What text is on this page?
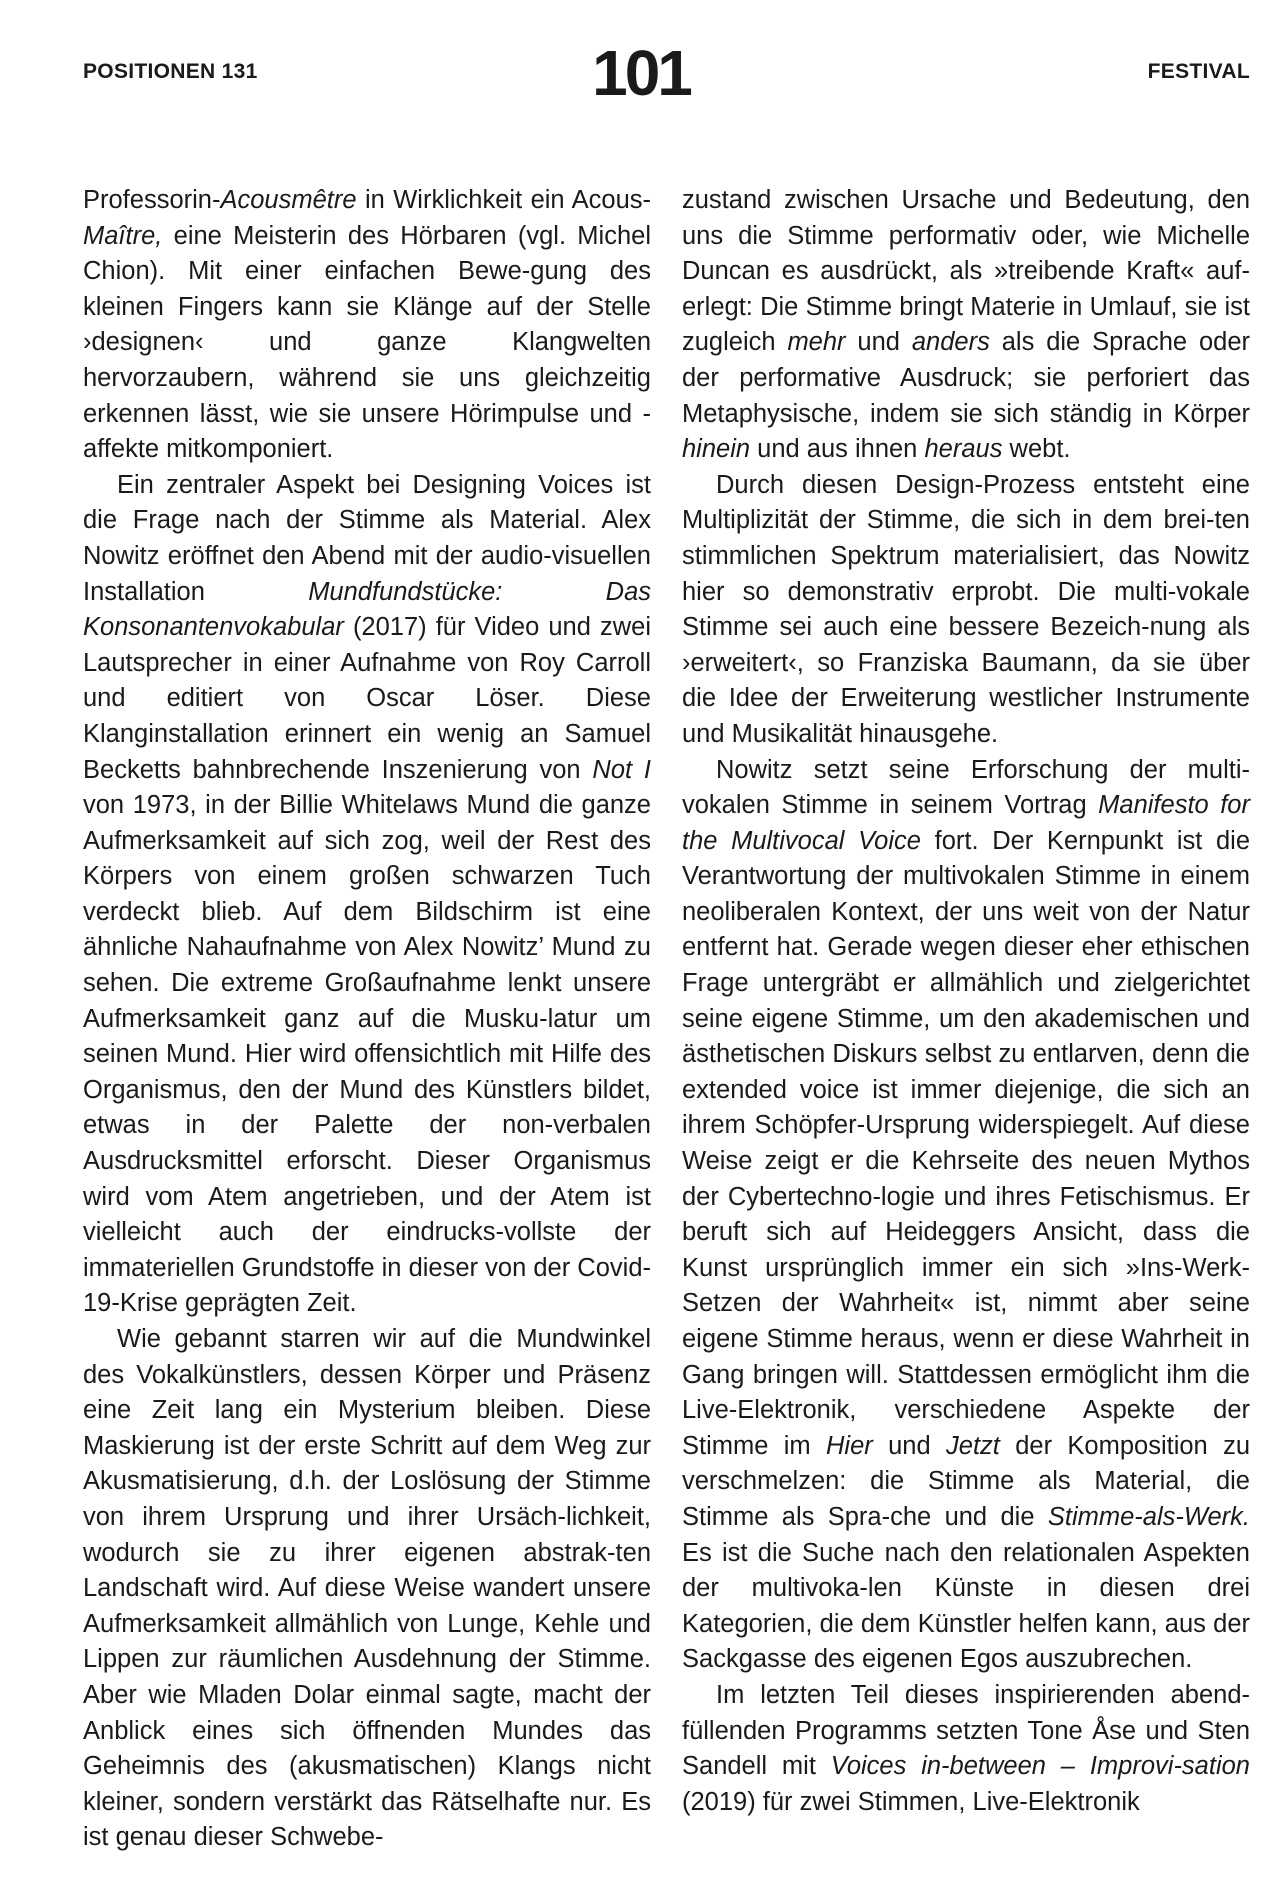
POSITIONEN 131	101	FESTIVAL

Professorin-Acousmêtre in Wirklichkeit ein Acous-Maître, eine Meisterin des Hörbaren (vgl. Michel Chion). Mit einer einfachen Bewe-gung des kleinen Fingers kann sie Klänge auf der Stelle ›designen‹ und ganze Klangwelten hervorzaubern, während sie uns gleichzeitig erkennen lässt, wie sie unsere Hörimpulse und -affekte mitkomponiert.

Ein zentraler Aspekt bei Designing Voices ist die Frage nach der Stimme als Material. Alex Nowitz eröffnet den Abend mit der audio-visuellen Installation Mundfundstücke: Das Konsonantenvokabular (2017) für Video und zwei Lautsprecher in einer Aufnahme von Roy Carroll und editiert von Oscar Löser. Diese Klanginstallation erinnert ein wenig an Samuel Becketts bahnbrechende Inszenierung von Not I von 1973, in der Billie Whitelaws Mund die ganze Aufmerksamkeit auf sich zog, weil der Rest des Körpers von einem großen schwarzen Tuch verdeckt blieb. Auf dem Bildschirm ist eine ähnliche Nahaufnahme von Alex Nowitz’ Mund zu sehen. Die extreme Großaufnahme lenkt unsere Aufmerksamkeit ganz auf die Musku-latur um seinen Mund. Hier wird offensichtlich mit Hilfe des Organismus, den der Mund des Künstlers bildet, etwas in der Palette der non-verbalen Ausdrucksmittel erforscht. Dieser Organismus wird vom Atem angetrieben, und der Atem ist vielleicht auch der eindrucks-vollste der immateriellen Grundstoffe in dieser von der Covid-19-Krise geprägten Zeit.

Wie gebannt starren wir auf die Mundwinkel des Vokalkünstlers, dessen Körper und Präsenz eine Zeit lang ein Mysterium bleiben. Diese Maskierung ist der erste Schritt auf dem Weg zur Akusmatisierung, d.h. der Loslösung der Stimme von ihrem Ursprung und ihrer Ursäch-lichkeit, wodurch sie zu ihrer eigenen abstrak-ten Landschaft wird. Auf diese Weise wandert unsere Aufmerksamkeit allmählich von Lunge, Kehle und Lippen zur räumlichen Ausdehnung der Stimme. Aber wie Mladen Dolar einmal sagte, macht der Anblick eines sich öffnenden Mundes das Geheimnis des (akusmatischen) Klangs nicht kleiner, sondern verstärkt das Rätselhafte nur. Es ist genau dieser Schwebe-

zustand zwischen Ursache und Bedeutung, den uns die Stimme performativ oder, wie Michelle Duncan es ausdrückt, als »treibende Kraft« auf-erlegt: Die Stimme bringt Materie in Umlauf, sie ist zugleich mehr und anders als die Sprache oder der performative Ausdruck; sie perforiert das Metaphysische, indem sie sich ständig in Körper hinein und aus ihnen heraus webt.

Durch diesen Design-Prozess entsteht eine Multiplizität der Stimme, die sich in dem brei-ten stimmlichen Spektrum materialisiert, das Nowitz hier so demonstrativ erprobt. Die multi-vokale Stimme sei auch eine bessere Bezeich-nung als ›erweitert‹, so Franziska Baumann, da sie über die Idee der Erweiterung westlicher Instrumente und Musikalität hinausgehe.

Nowitz setzt seine Erforschung der multi-vokalen Stimme in seinem Vortrag Manifesto for the Multivocal Voice fort. Der Kernpunkt ist die Verantwortung der multivokalen Stimme in einem neoliberalen Kontext, der uns weit von der Natur entfernt hat. Gerade wegen dieser eher ethischen Frage untergräbt er allmählich und zielgerichtet seine eigene Stimme, um den akademischen und ästhetischen Diskurs selbst zu entlarven, denn die extended voice ist immer diejenige, die sich an ihrem Schöpfer-Ursprung widerspiegelt. Auf diese Weise zeigt er die Kehrseite des neuen Mythos der Cybertechno-logie und ihres Fetischismus. Er beruft sich auf Heideggers Ansicht, dass die Kunst ursprünglich immer ein sich »Ins-Werk-Setzen der Wahrheit« ist, nimmt aber seine eigene Stimme heraus, wenn er diese Wahrheit in Gang bringen will. Stattdessen ermöglicht ihm die Live-Elektronik, verschiedene Aspekte der Stimme im Hier und Jetzt der Komposition zu verschmelzen: die Stimme als Material, die Stimme als Spra-che und die Stimme-als-Werk. Es ist die Suche nach den relationalen Aspekten der multivoka-len Künste in diesen drei Kategorien, die dem Künstler helfen kann, aus der Sackgasse des eigenen Egos auszubrechen.

Im letzten Teil dieses inspirierenden abend-füllenden Programms setzten Tone Åse und Sten Sandell mit Voices in-between – Improvi-sation (2019) für zwei Stimmen, Live-Elektronik
